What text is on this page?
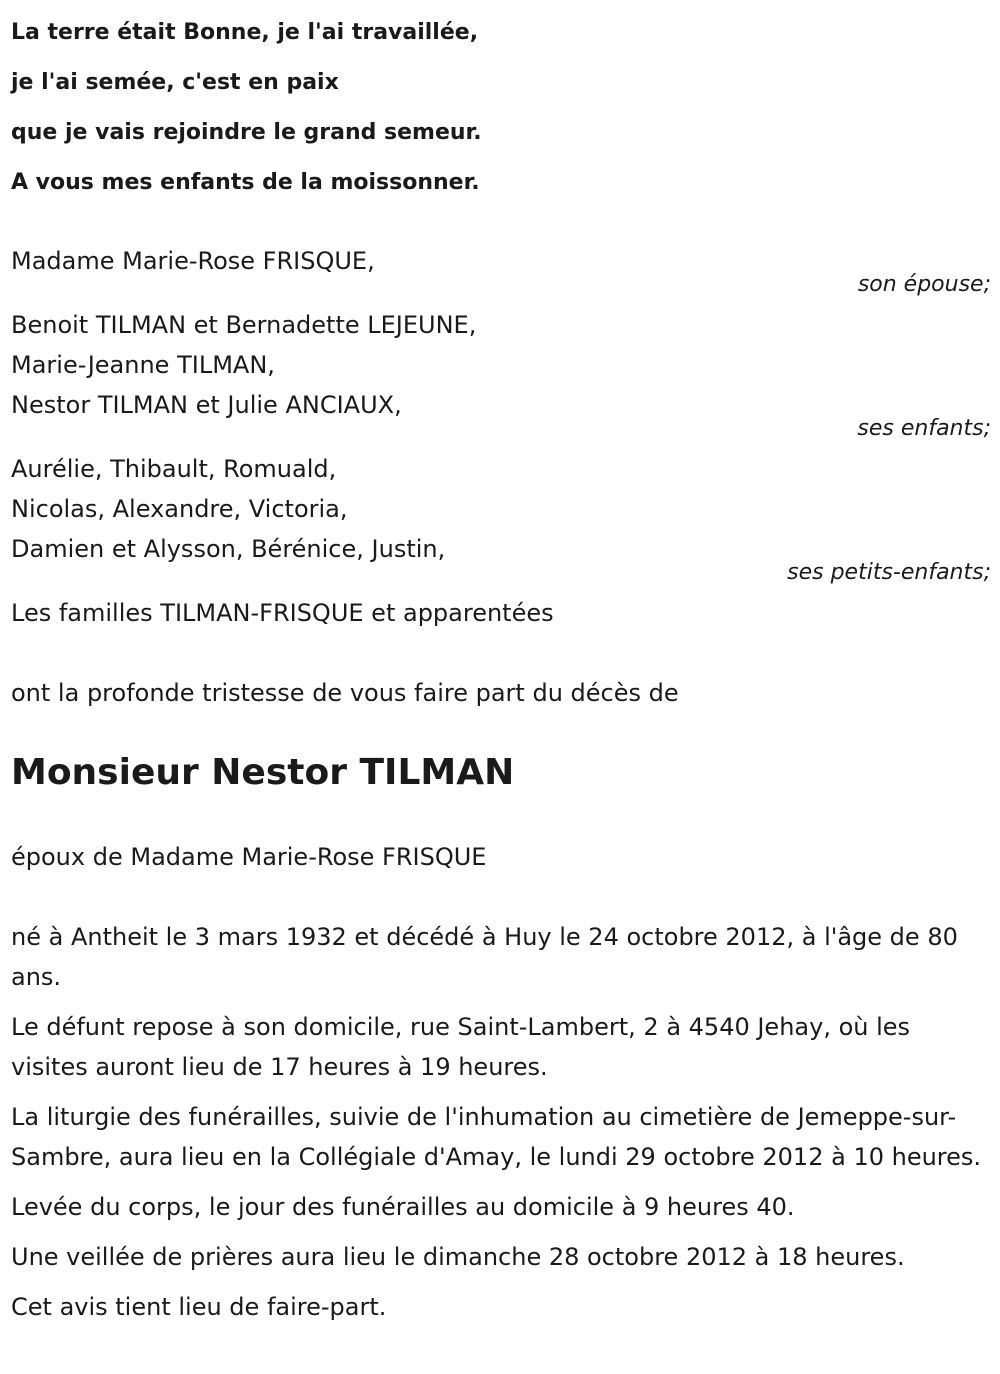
La terre était Bonne, je l'ai travaillée,
je l'ai semée, c'est en paix
que je vais rejoindre le grand semeur.
A vous mes enfants de la moissonner.
Madame Marie-Rose FRISQUE,
son épouse;
Benoit TILMAN et Bernadette LEJEUNE,
Marie-Jeanne TILMAN,
Nestor TILMAN et Julie ANCIAUX,
ses enfants;
Aurélie, Thibault, Romuald,
Nicolas, Alexandre, Victoria,
Damien et Alysson, Bérénice, Justin,
ses petits-enfants;
Les familles TILMAN-FRISQUE et apparentées
ont la profonde tristesse de vous faire part du décès de
Monsieur Nestor TILMAN
époux de Madame Marie-Rose FRISQUE
né à Antheit le 3 mars 1932 et décédé à Huy le 24 octobre 2012, à l'âge de 80 ans.
Le défunt repose à son domicile, rue Saint-Lambert, 2 à 4540 Jehay, où les visites auront lieu de 17 heures à 19 heures.
La liturgie des funérailles, suivie de l'inhumation au cimetière de Jemeppe-sur-Sambre, aura lieu en la Collégiale d'Amay, le lundi 29 octobre 2012 à 10 heures.
Levée du corps, le jour des funérailles au domicile à 9 heures 40.
Une veillée de prières aura lieu le dimanche 28 octobre 2012 à 18 heures.
Cet avis tient lieu de faire-part.
